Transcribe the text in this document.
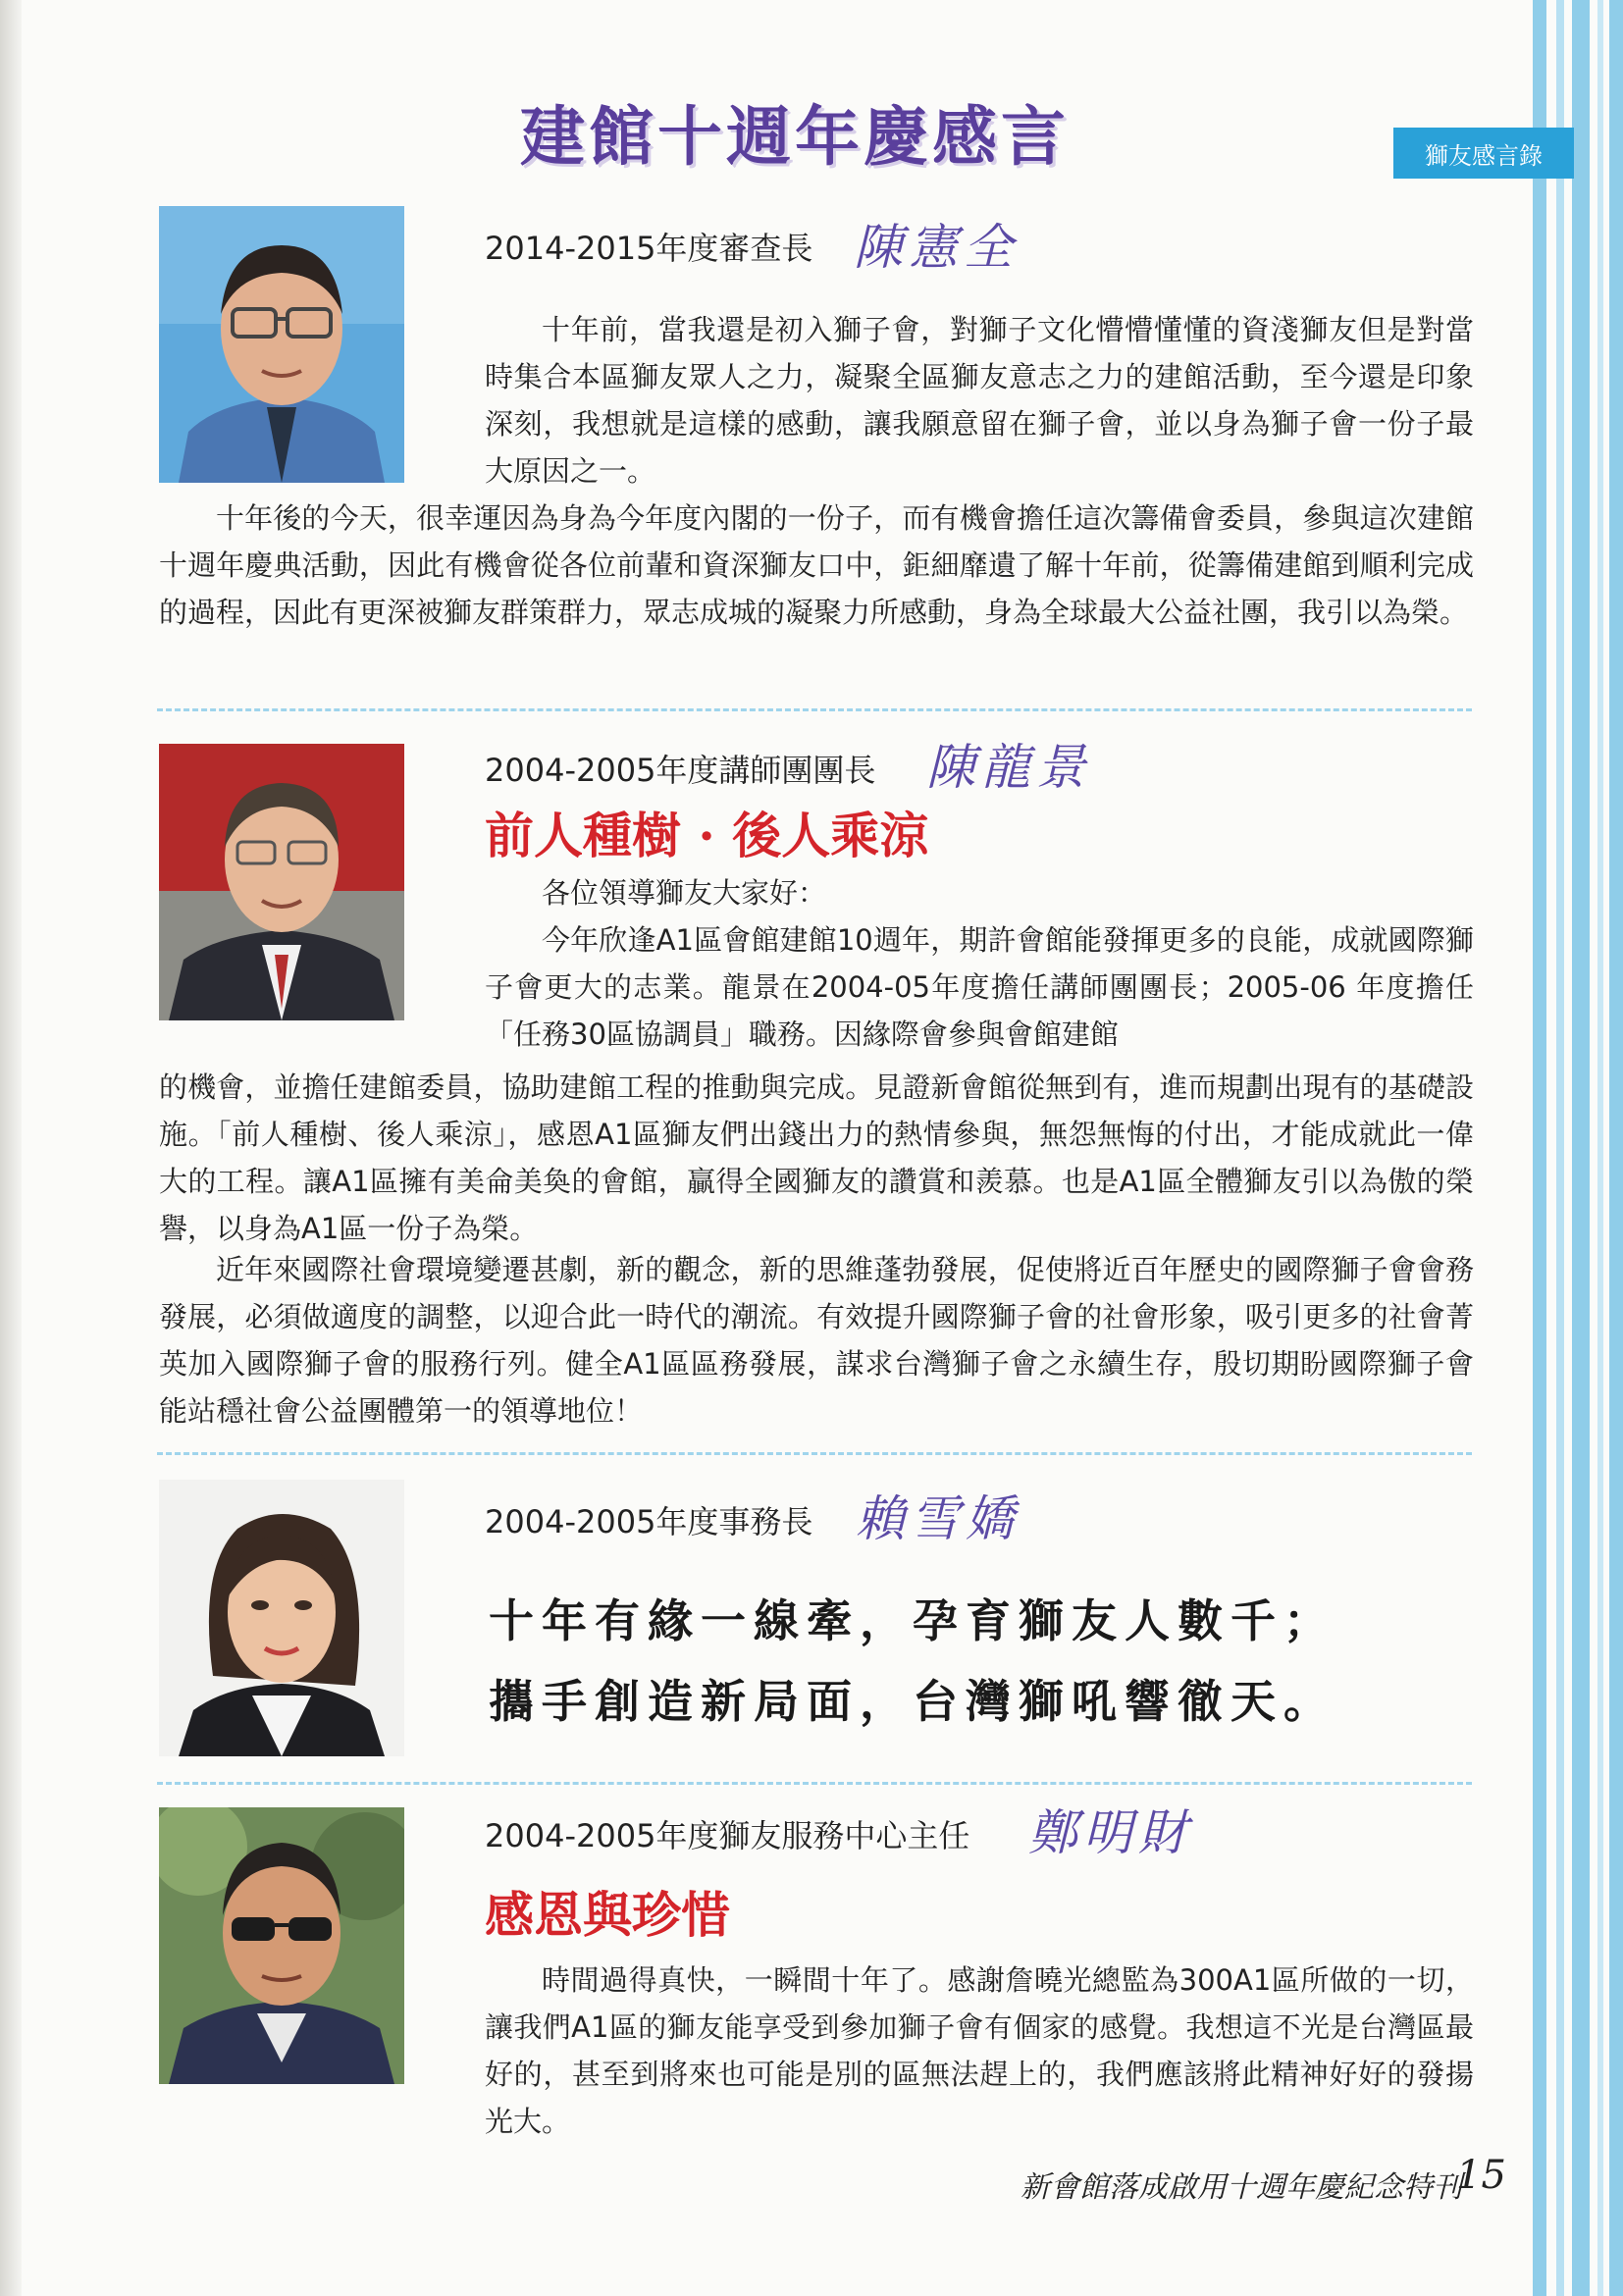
建館十週年慶感言	獅友感言錄
2014-2015年度審查長 陳憲全
十年前，當我還是初入獅子會，對獅子文化懵懵懂懂的資淺獅友但是對當時集合本區獅友眾人之力，凝聚全區獅友意志之力的建館活動，至今還是印象深刻，我想就是這樣的感動，讓我願意留在獅子會，並以身為獅子會一份子最大原因之一。
十年後的今天，很幸運因為身為今年度內閣的一份子，而有機會擔任這次籌備會委員，參與這次建館十週年慶典活動，因此有機會從各位前輩和資深獅友口中，鉅細靡遺了解十年前，從籌備建館到順利完成的過程，因此有更深被獅友群策群力，眾志成城的凝聚力所感動，身為全球最大公益社團，我引以為榮。
2004-2005年度講師團團長 陳龍景
前人種樹 · 後人乘涼
各位領導獅友大家好：
今年欣逢A1區會館建館10週年，期許會館能發揮更多的良能，成就國際獅子會更大的志業。龍景在2004-05年度擔任講師團團長；2005-06 年度擔任「任務30區協調員」職務。因緣際會參與會館建館
的機會，並擔任建館委員，協助建館工程的推動與完成。見證新會館從無到有，進而規劃出現有的基礎設施。「前人種樹、後人乘涼」，感恩A1區獅友們出錢出力的熱情參與，無怨無悔的付出，才能成就此一偉大的工程。讓A1區擁有美侖美奐的會館，贏得全國獅友的讚賞和羨慕。也是A1區全體獅友引以為傲的榮譽，以身為A1區一份子為榮。
近年來國際社會環境變遷甚劇，新的觀念，新的思維蓬勃發展，促使將近百年歷史的國際獅子會會務發展，必須做適度的調整，以迎合此一時代的潮流。有效提升國際獅子會的社會形象，吸引更多的社會菁英加入國際獅子會的服務行列。健全A1區區務發展，謀求台灣獅子會之永續生存，殷切期盼國際獅子會能站穩社會公益團體第一的領導地位！
2004-2005年度事務長 賴雪嬌
十年有緣一線牽，孕育獅友人數千；
攜手創造新局面，台灣獅吼響徹天。
2004-2005年度獅友服務中心主任 鄭明財
感恩與珍惜
時間過得真快，一瞬間十年了。感謝詹曉光總監為300A1區所做的一切，讓我們A1區的獅友能享受到參加獅子會有個家的感覺。我想這不光是台灣區最好的，甚至到將來也可能是別的區無法趕上的，我們應該將此精神好好的發揚光大。
新會館落成啟用十週年慶紀念特刊
15
